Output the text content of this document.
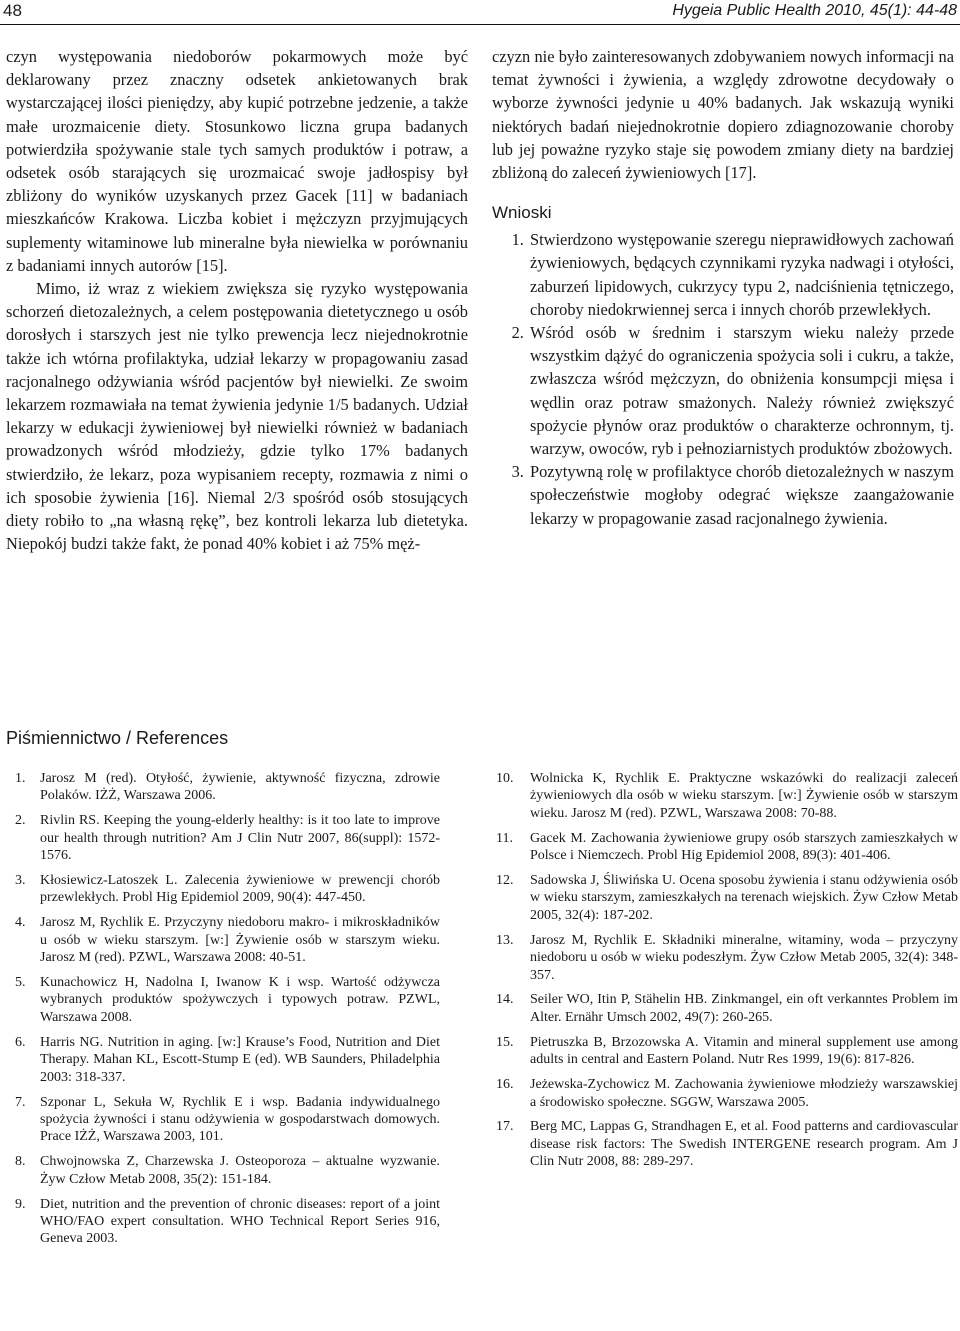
48	Hygeia Public Health 2010, 45(1): 44-48

czyn występowania niedoborów pokarmowych może być deklarowany przez znaczny odsetek ankietowanych brak wystarczającej ilości pieniędzy, aby kupić potrzebne jedzenie, a także małe urozmaicenie diety. Stosunkowo liczna grupa badanych potwierdziła spożywanie stale tych samych produktów i potraw, a odsetek osób starających się urozmaicać swoje jadłospisy był zbliżony do wyników uzyskanych przez Gacek [11] w badaniach mieszkańców Krakowa. Liczba kobiet i mężczyzn przyjmujących suplementy witaminowe lub mineralne była niewielka w porównaniu z badaniami innych autorów [15].

Mimo, iż wraz z wiekiem zwiększa się ryzyko występowania schorzeń dietozależnych, a celem postępowania dietetycznego u osób dorosłych i starszych jest nie tylko prewencja lecz niejednokrotnie także ich wtórna profilaktyka, udział lekarzy w propagowaniu zasad racjonalnego odżywiania wśród pacjentów był niewielki. Ze swoim lekarzem rozmawiała na temat żywienia jedynie 1/5 badanych. Udział lekarzy w edukacji żywieniowej był niewielki również w badaniach prowadzonych wśród młodzieży, gdzie tylko 17% badanych stwierdziło, że lekarz, poza wypisaniem recepty, rozmawia z nimi o ich sposobie żywienia [16]. Niemal 2/3 spośród osób stosujących diety robiło to „na własną rękę”, bez kontroli lekarza lub dietetyka. Niepokój budzi także fakt, że ponad 40% kobiet i aż 75% męż-

czyzn nie było zainteresowanych zdobywaniem nowych informacji na temat żywności i żywienia, a względy zdrowotne decydowały o wyborze żywności jedynie u 40% badanych. Jak wskazują wyniki niektórych badań niejednokrotnie dopiero zdiagnozowanie choroby lub jej poważne ryzyko staje się powodem zmiany diety na bardziej zbliżoną do zaleceń żywieniowych [17].

Wnioski
1. Stwierdzono występowanie szeregu nieprawidłowych zachowań żywieniowych, będących czynnikami ryzyka nadwagi i otyłości, zaburzeń lipidowych, cukrzycy typu 2, nadciśnienia tętniczego, choroby niedokrwiennej serca i innych chorób przewlekłych.
2. Wśród osób w średnim i starszym wieku należy przede wszystkim dążyć do ograniczenia spożycia soli i cukru, a także, zwłaszcza wśród mężczyzn, do obniżenia konsumpcji mięsa i wędlin oraz potraw smażonych. Należy również zwiększyć spożycie płynów oraz produktów o charakterze ochronnym, tj. warzyw, owoców, ryb i pełnoziarnistych produktów zbożowych.
3. Pozytywną rolę w profilaktyce chorób dietozależnych w naszym społeczeństwie mogłoby odegrać większe zaangażowanie lekarzy w propagowanie zasad racjonalnego żywienia.
Piśmiennictwo / References
1.	Jarosz M (red). Otyłość, żywienie, aktywność fizyczna, zdrowie Polaków. IŻŻ, Warszawa 2006.
2.	Rivlin RS. Keeping the young-elderly healthy: is it too late to improve our health through nutrition? Am J Clin Nutr 2007, 86(suppl): 1572-1576.
3.	Kłosiewicz-Latoszek L. Zalecenia żywieniowe w prewencji chorób przewlekłych. Probl Hig Epidemiol 2009, 90(4): 447-450.
4.	Jarosz M, Rychlik E. Przyczyny niedoboru makro- i mikroskładników u osób w wieku starszym. [w:] Żywienie osób w starszym wieku. Jarosz M (red). PZWL, Warszawa 2008: 40-51.
5.	Kunachowicz H, Nadolna I, Iwanow K i wsp. Wartość odżywcza wybranych produktów spożywczych i typowych potraw. PZWL, Warszawa 2008.
6.	Harris NG. Nutrition in aging. [w:] Krause’s Food, Nutrition and Diet Therapy. Mahan KL, Escott-Stump E (ed). WB Saunders, Philadelphia 2003: 318-337.
7.	Szponar L, Sekuła W, Rychlik E i wsp. Badania indywidualnego spożycia żywności i stanu odżywienia w gospodarstwach domowych. Prace IŻŻ, Warszawa 2003, 101.
8.	Chwojnowska Z, Charzewska J. Osteoporoza – aktualne wyzwanie. Żyw Człow Metab 2008, 35(2): 151-184.
9.	Diet, nutrition and the prevention of chronic diseases: report of a joint WHO/FAO expert consultation. WHO Technical Report Series 916, Geneva 2003.
10.	Wolnicka K, Rychlik E. Praktyczne wskazówki do realizacji zaleceń żywieniowych dla osób w wieku starszym. [w:] Żywienie osób w starszym wieku. Jarosz M (red). PZWL, Warszawa 2008: 70-88.
11.	Gacek M. Zachowania żywieniowe grupy osób starszych zamieszkałych w Polsce i Niemczech. Probl Hig Epidemiol 2008, 89(3): 401-406.
12.	Sadowska J, Śliwińska U. Ocena sposobu żywienia i stanu odżywienia osób w wieku starszym, zamieszkałych na terenach wiejskich. Żyw Człow Metab 2005, 32(4): 187-202.
13.	Jarosz M, Rychlik E. Składniki mineralne, witaminy, woda – przyczyny niedoboru u osób w wieku podeszłym. Żyw Człow Metab 2005, 32(4): 348-357.
14.	Seiler WO, Itin P, Stähelin HB. Zinkmangel, ein oft verkanntes Problem im Alter. Ernähr Umsch 2002, 49(7): 260-265.
15.	Pietruszka B, Brzozowska A. Vitamin and mineral supplement use among adults in central and Eastern Poland. Nutr Res 1999, 19(6): 817-826.
16.	Jeżewska-Zychowicz M. Zachowania żywieniowe młodzieży warszawskiej a środowisko społeczne. SGGW, Warszawa 2005.
17.	Berg MC, Lappas G, Strandhagen E, et al. Food patterns and cardiovascular disease risk factors: The Swedish INTERGENE research program. Am J Clin Nutr 2008, 88: 289-297.
